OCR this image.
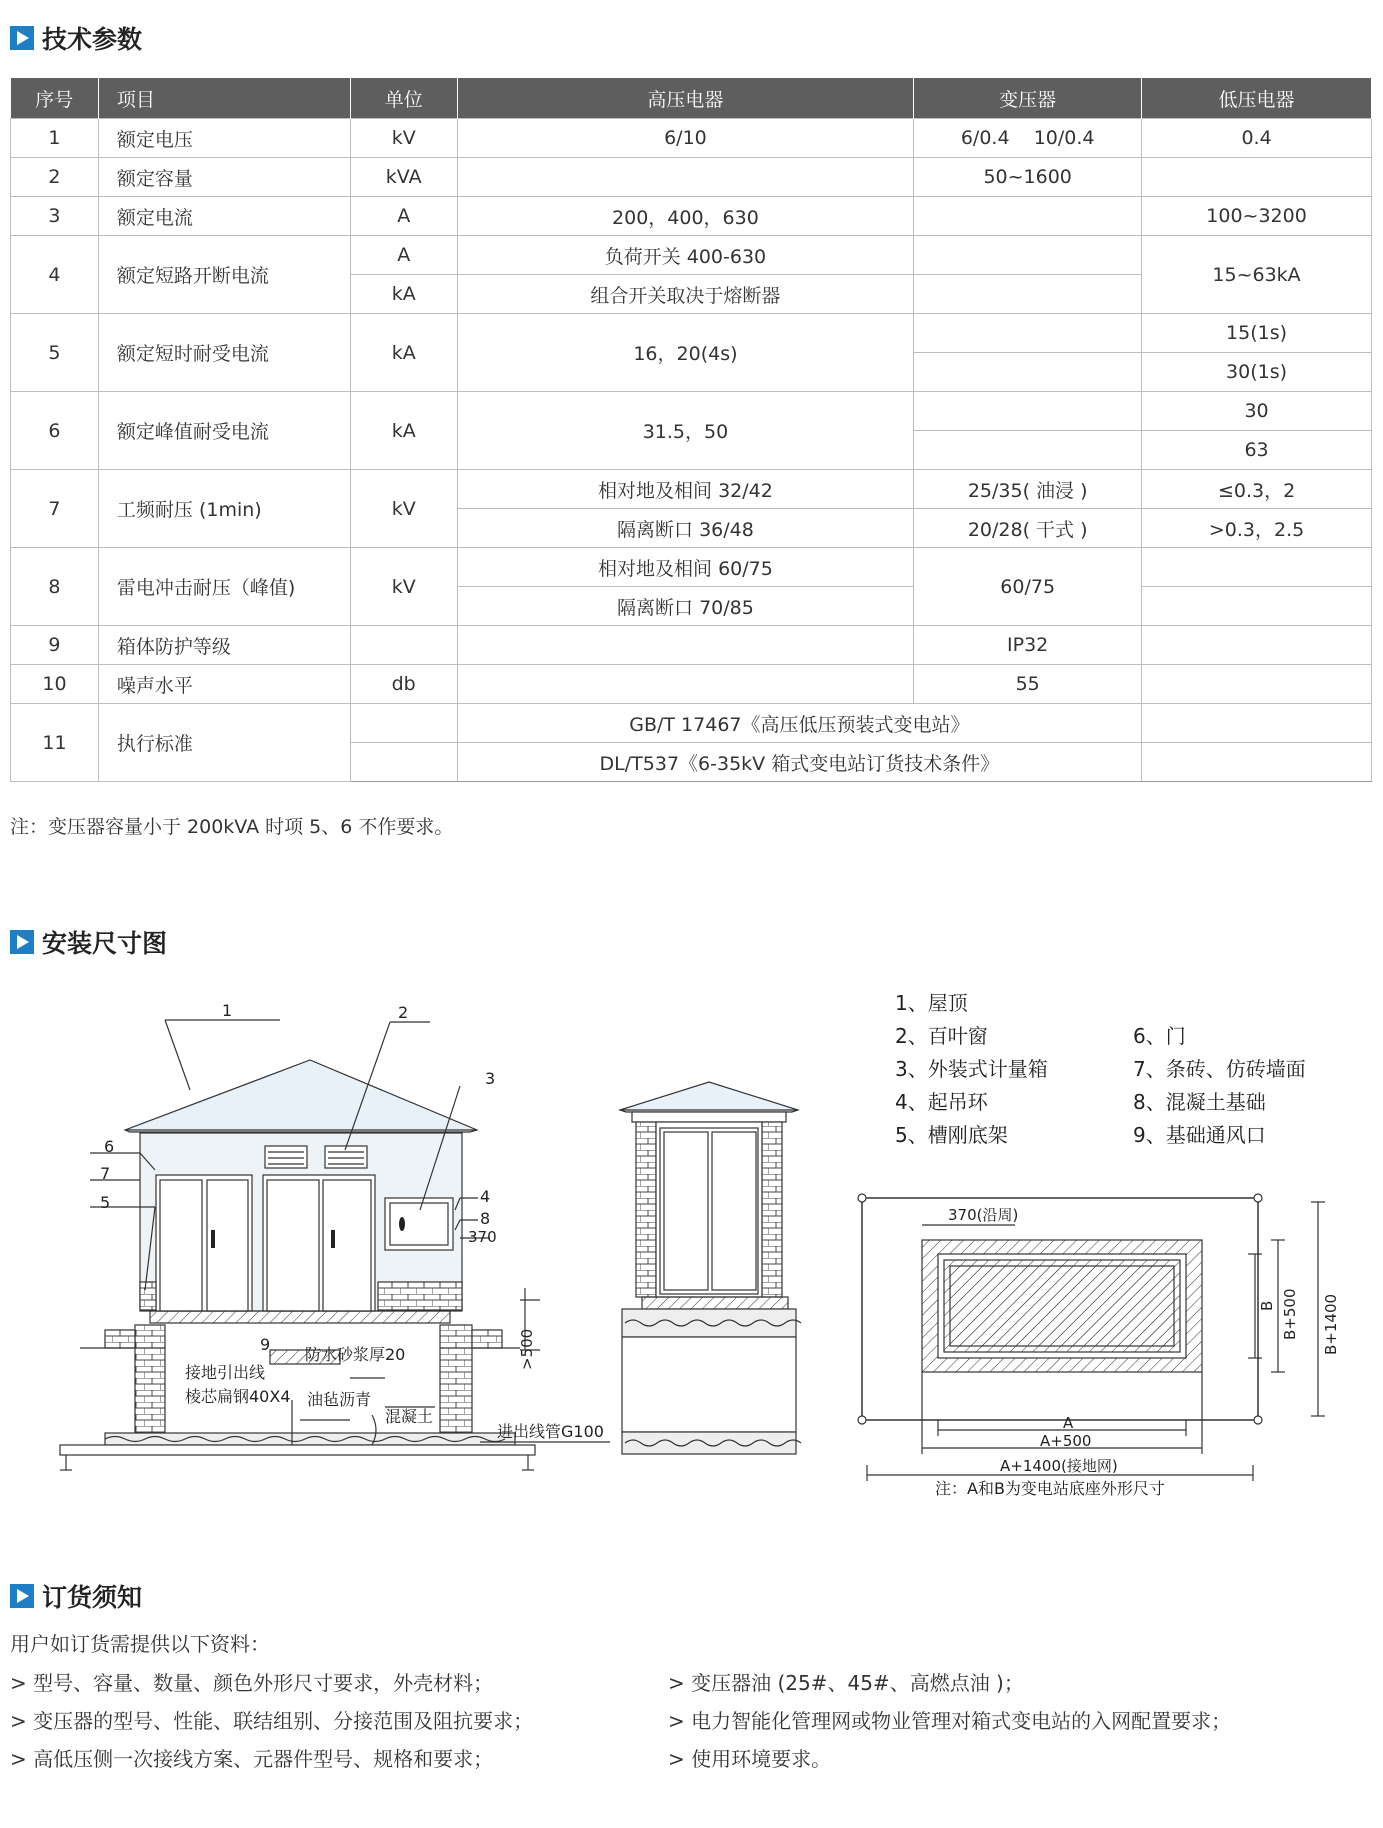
技术参数
序号	项目	单位	高压电器	变压器	低压电器
1	额定电压	kV	6/10	6/0.4    10/0.4	0.4
2	额定容量	kVA		50~1600	
3	额定电流	A	200，400，630		100~3200
4	额定短路开断电流	A	负荷开关 400-630		15~63kA
		kA	组合开关取决于熔断器		
5	额定短时耐受电流	kA	16，20(4s)		15(1s)
					30(1s)
6	额定峰值耐受电流	kA	31.5，50		30
					63
7	工频耐压 (1min)	kV	相对地及相间 32/42	25/35( 油浸 )	≤0.3，2
			隔离断口 36/48	20/28( 干式 )	>0.3，2.5
8	雷电冲击耐压（峰值)	kV	相对地及相间 60/75	60/75	
			隔离断口 70/85		
9	箱体防护等级			IP32	
10	噪声水平	db		55	
11	执行标准		GB/T 17467《高压低压预装式变电站》		
			DL/T537《6-35kV 箱式变电站订货技术条件》		
注：变压器容量小于 200kVA 时项 5、6 不作要求。
安装尺寸图
1	2
3
4
5
6
7
8
9
370
>500
防水砂浆厚20
接地引出线
棱芯扁钢40X4 油毡沥青
混凝土
进出线管G100
1、屋顶
2、百叶窗
3、外装式计量箱
4、起吊环
5、槽刚底架
6、门
7、条砖、仿砖墙面
8、混凝土基础
9、基础通风口
370(沿周)
A
A+500
A+1400(接地网)
B B+500 B+1400
注：A和B为变电站底座外形尺寸
订货须知
用户如订货需提供以下资料：
> 型号、容量、数量、颜色外形尺寸要求，外壳材料；
> 变压器的型号、性能、联结组别、分接范围及阻抗要求；
> 高低压侧一次接线方案、元器件型号、规格和要求；
> 变压器油 (25#、45#、高燃点油 )；
> 电力智能化管理网或物业管理对箱式变电站的入网配置要求；
> 使用环境要求。
